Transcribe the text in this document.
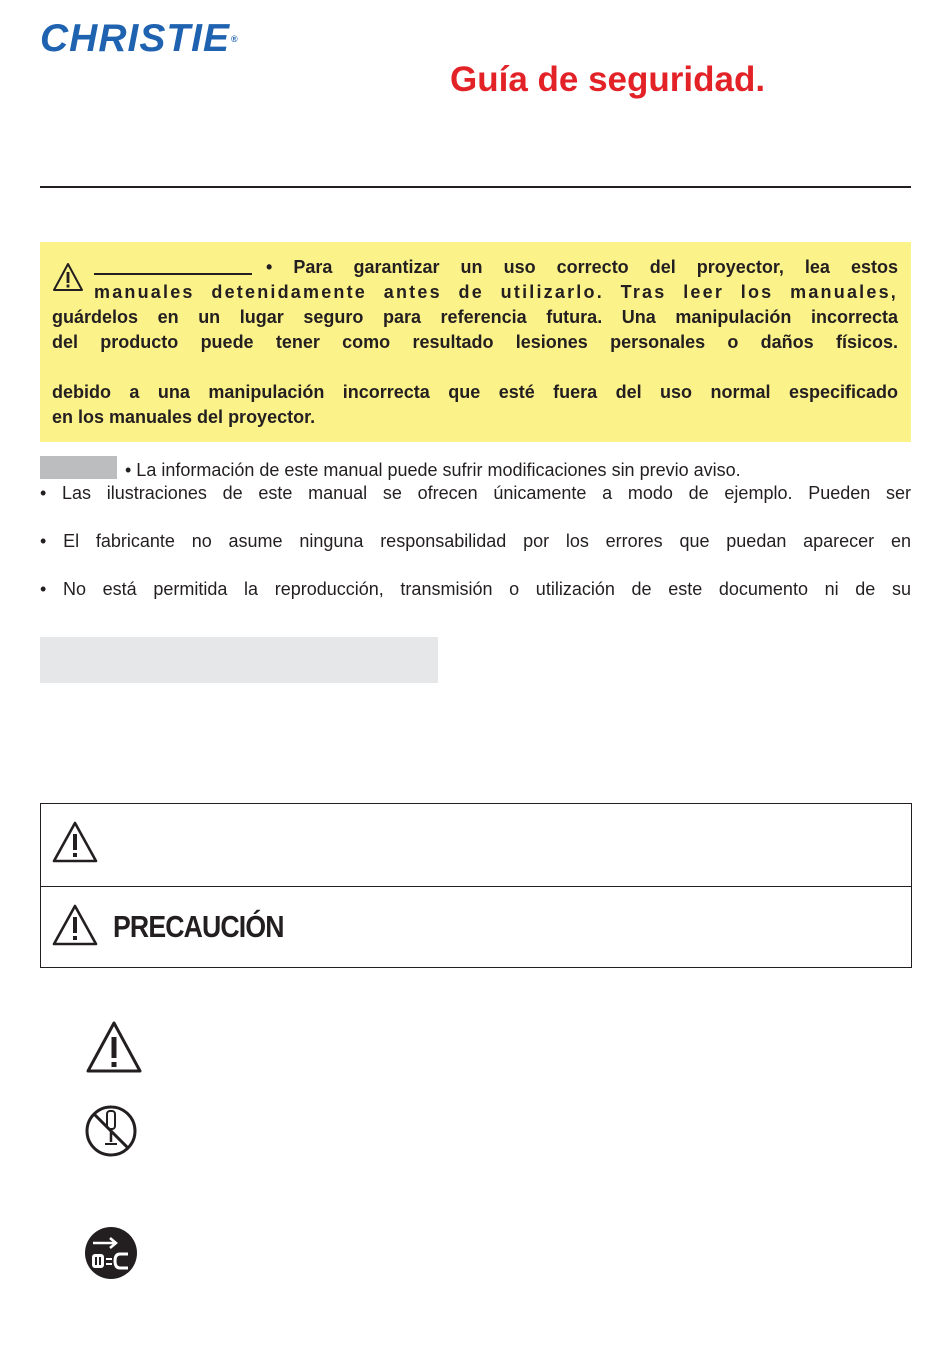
CHRISTIE®
Guía de seguridad.
• Para garantizar un uso correcto del proyector, lea estos
manuales detenidamente antes de utilizarlo. Tras leer los manuales,
guárdelos en un lugar seguro para referencia futura. Una manipulación incorrecta
del producto puede tener como resultado lesiones personales o daños físicos.
debido a una manipulación incorrecta que esté fuera del uso normal especificado
en los manuales del proyector.
• La información de este manual puede sufrir modificaciones sin previo aviso.
• Las ilustraciones de este manual se ofrecen únicamente a modo de ejemplo. Pueden ser
• El fabricante no asume ninguna responsabilidad por los errores que puedan aparecer en
• No está permitida la reproducción, transmisión o utilización de este documento ni de su
PRECAUCIÓN
